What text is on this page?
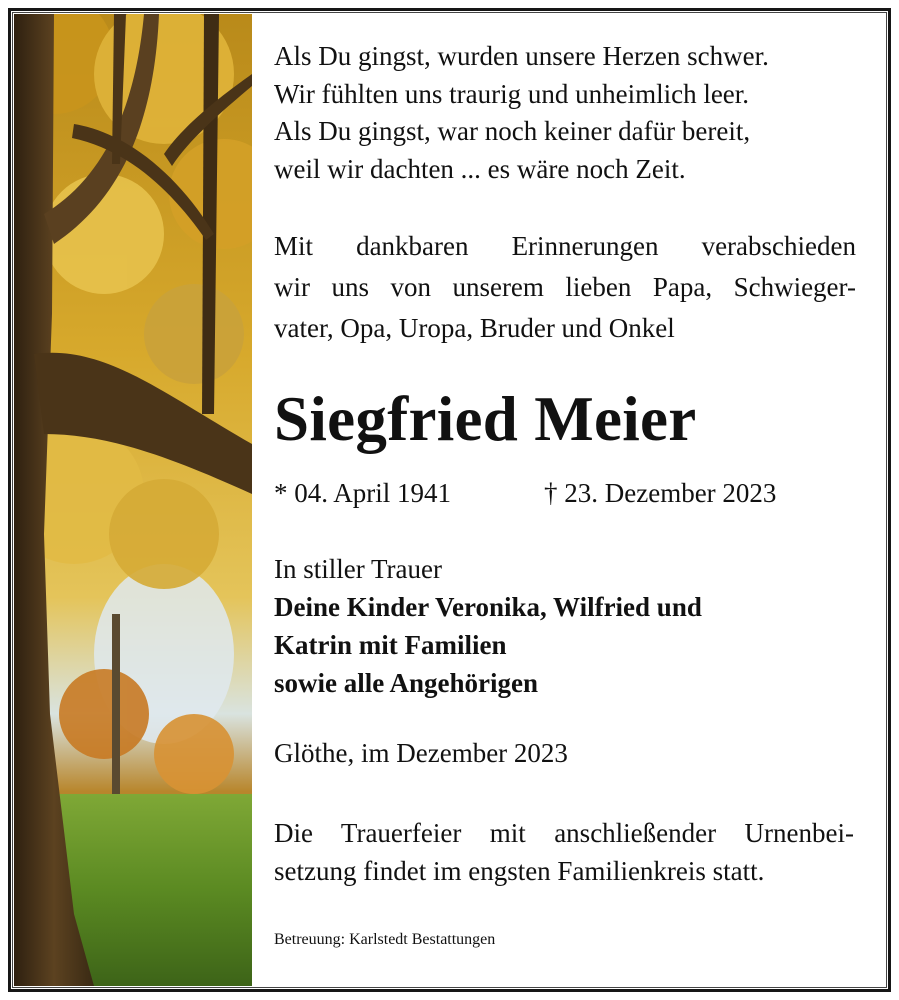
Als Du gingst, wurden unsere Herzen schwer.
Wir fühlten uns traurig und unheimlich leer.
Als Du gingst, war noch keiner dafür bereit,
weil wir dachten ... es wäre noch Zeit.
Mit dankbaren Erinnerungen verabschieden
wir uns von unserem lieben Papa, Schwieger-
vater, Opa, Uropa, Bruder und Onkel
Siegfried Meier
* 04. April 1941	† 23. Dezember 2023
In stiller Trauer
Deine Kinder Veronika, Wilfried und
Katrin mit Familien
sowie alle Angehörigen
Glöthe, im Dezember 2023
Die Trauerfeier mit anschließender Urnenbei-
setzung findet im engsten Familienkreis statt.
Betreuung: Karlstedt Bestattungen
